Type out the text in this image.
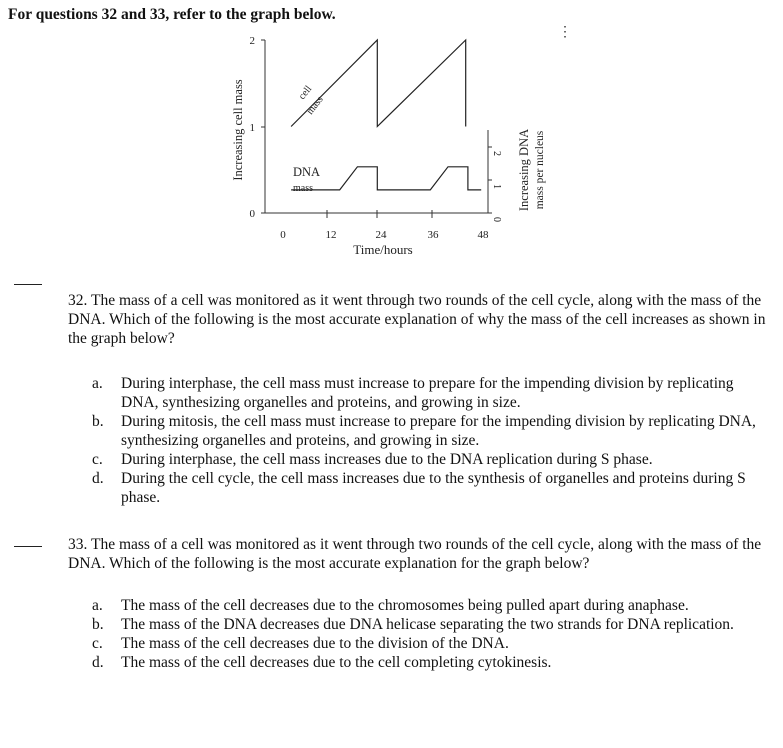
For questions 32 and 33, refer to the graph below.
⋮
2
1
0
2
1
0
0	12	24	36	48
Time/hours
Increasing cell mass	Increasing DNA mass per nucleus
cell
mass
DNA
mass
32. The mass of a cell was monitored as it went through two rounds of the cell cycle, along with the mass of the DNA. Which of the following is the most accurate explanation of why the mass of the cell increases as shown in the graph below?
a. During interphase, the cell mass must increase to prepare for the impending division by replicating DNA, synthesizing organelles and proteins, and growing in size.
b. During mitosis, the cell mass must increase to prepare for the impending division by replicating DNA, synthesizing organelles and proteins, and growing in size.
c. During interphase, the cell mass increases due to the DNA replication during S phase.
d. During the cell cycle, the cell mass increases due to the synthesis of organelles and proteins during S phase.
33. The mass of a cell was monitored as it went through two rounds of the cell cycle, along with the mass of the DNA. Which of the following is the most accurate explanation for the graph below?
a. The mass of the cell decreases due to the chromosomes being pulled apart during anaphase.
b. The mass of the DNA decreases due DNA helicase separating the two strands for DNA replication.
c. The mass of the cell decreases due to the division of the DNA.
d. The mass of the cell decreases due to the cell completing cytokinesis.
